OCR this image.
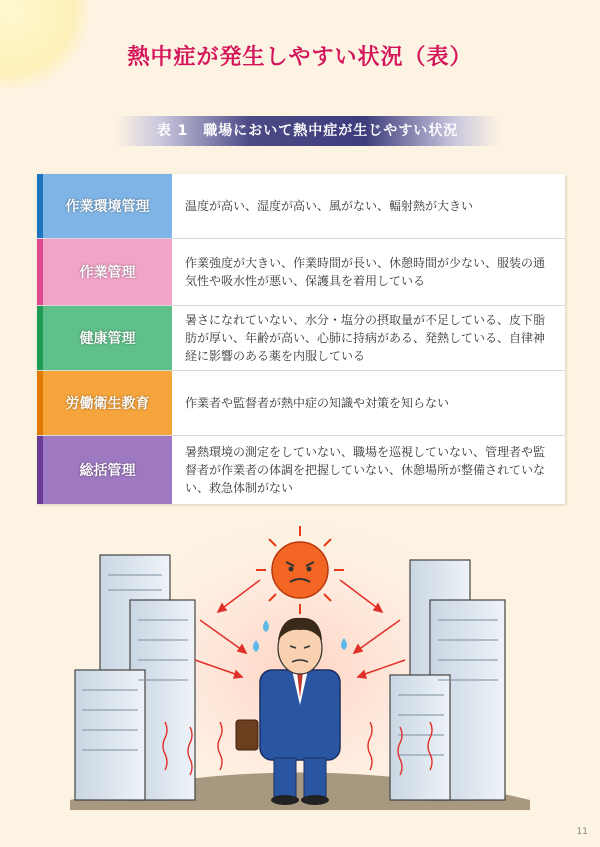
熱中症が発生しやすい状況（表）
表 1　職場において熱中症が生じやすい状況
作業環境管理	温度が高い、湿度が高い、風がない、輻射熱が大きい
作業管理
作業強度が大きい、作業時間が長い、休憩時間が少ない、服装の通気性や吸水性が悪い、保護具を着用している
健康管理
暑さになれていない、水分・塩分の摂取量が不足している、皮下脂肪が厚い、年齢が高い、心肺に持病がある、発熱している、自律神経に影響のある薬を内服している
労働衛生教育	作業者や監督者が熱中症の知識や対策を知らない
総括管理
暑熱環境の測定をしていない、職場を巡視していない、管理者や監督者が作業者の体調を把握していない、休憩場所が整備されていない、救急体制がない
11
